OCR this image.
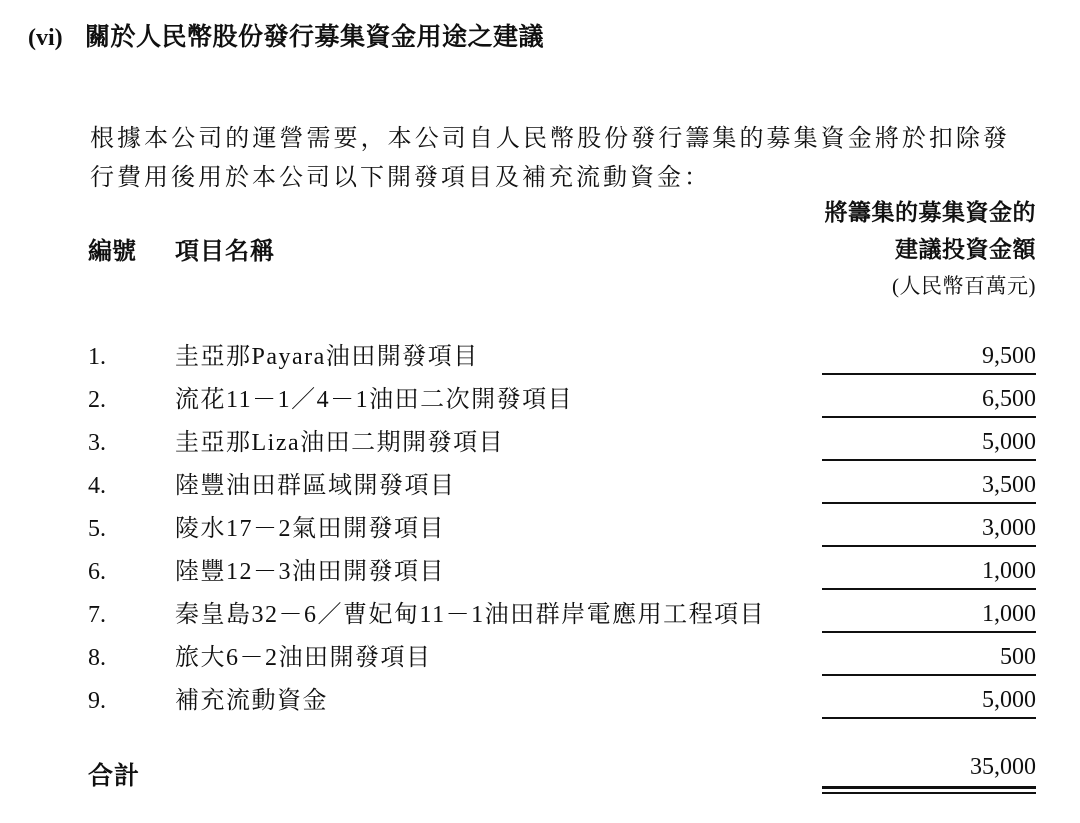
(vi) 關於人民幣股份發行募集資金用途之建議

根據本公司的運營需要，本公司自人民幣股份發行籌集的募集資金將於扣除發行費用後用於本公司以下開發項目及補充流動資金：

將籌集的募集資金的
建議投資金額
(人民幣百萬元)
編號 項目名稱
1.	圭亞那Payara油田開發項目	9,500
2.	流花11－1／4－1油田二次開發項目	6,500
3.	圭亞那Liza油田二期開發項目	5,000
4.	陸豐油田群區域開發項目	3,500
5.	陵水17－2氣田開發項目	3,000
6.	陸豐12－3油田開發項目	1,000
7.	秦皇島32－6／曹妃甸11－1油田群岸電應用工程項目	1,000
8.	旅大6－2油田開發項目	500
9.	補充流動資金	5,000
合計	35,000
